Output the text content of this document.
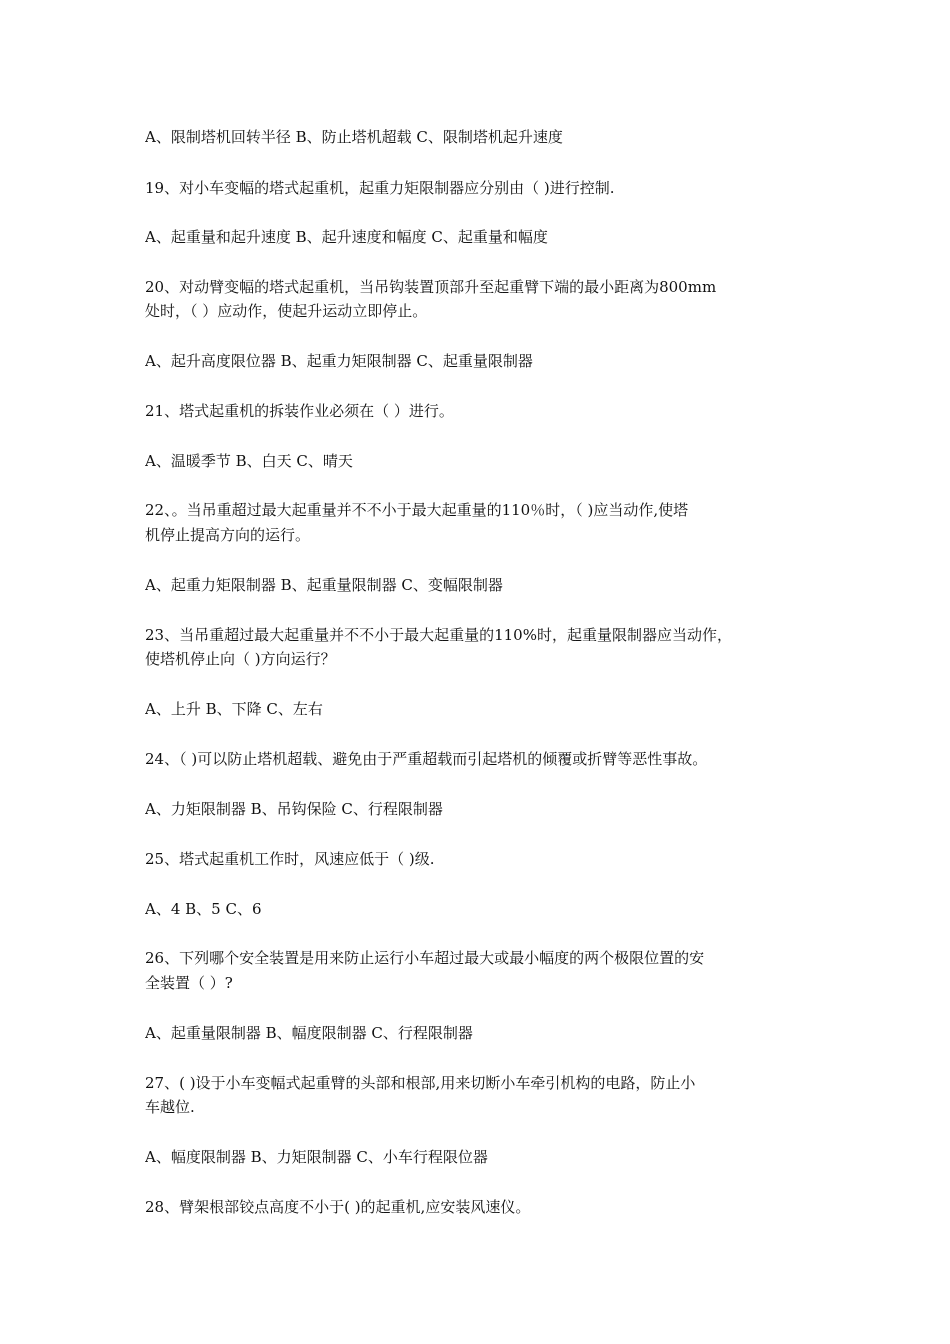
A、限制塔机回转半径 B、防止塔机超载 C、限制塔机起升速度
19、对小车变幅的塔式起重机，起重力矩限制器应分别由（ )进行控制.
A、起重量和起升速度 B、起升速度和幅度 C、起重量和幅度
20、对动臂变幅的塔式起重机，当吊钩装置顶部升至起重臂下端的最小距离为800mm
处时，（ ）应动作，使起升运动立即停止。
A、起升高度限位器 B、起重力矩限制器 C、起重量限制器
21、塔式起重机的拆装作业必须在（ ）进行。
A、温暖季节 B、白天 C、晴天
22、。当吊重超过最大起重量并不不小于最大起重量的110％时，（ )应当动作,使塔
机停止提高方向的运行。
A、起重力矩限制器 B、起重量限制器 C、变幅限制器
23、当吊重超过最大起重量并不不小于最大起重量的110%时，起重量限制器应当动作，
使塔机停止向（ )方向运行？
A、上升 B、下降 C、左右
24、（ )可以防止塔机超载、避免由于严重超载而引起塔机的倾覆或折臂等恶性事故。
A、力矩限制器 B、吊钩保险 C、行程限制器
25、塔式起重机工作时，风速应低于（ )级.
A、4 B、5 C、6
26、下列哪个安全装置是用来防止运行小车超过最大或最小幅度的两个极限位置的安
全装置（ ）?
A、起重量限制器 B、幅度限制器 C、行程限制器
27、( )设于小车变幅式起重臂的头部和根部,用来切断小车牵引机构的电路，防止小
车越位.
A、幅度限制器 B、力矩限制器 C、小车行程限位器
28、臂架根部铰点高度不小于( )的起重机,应安装风速仪。
